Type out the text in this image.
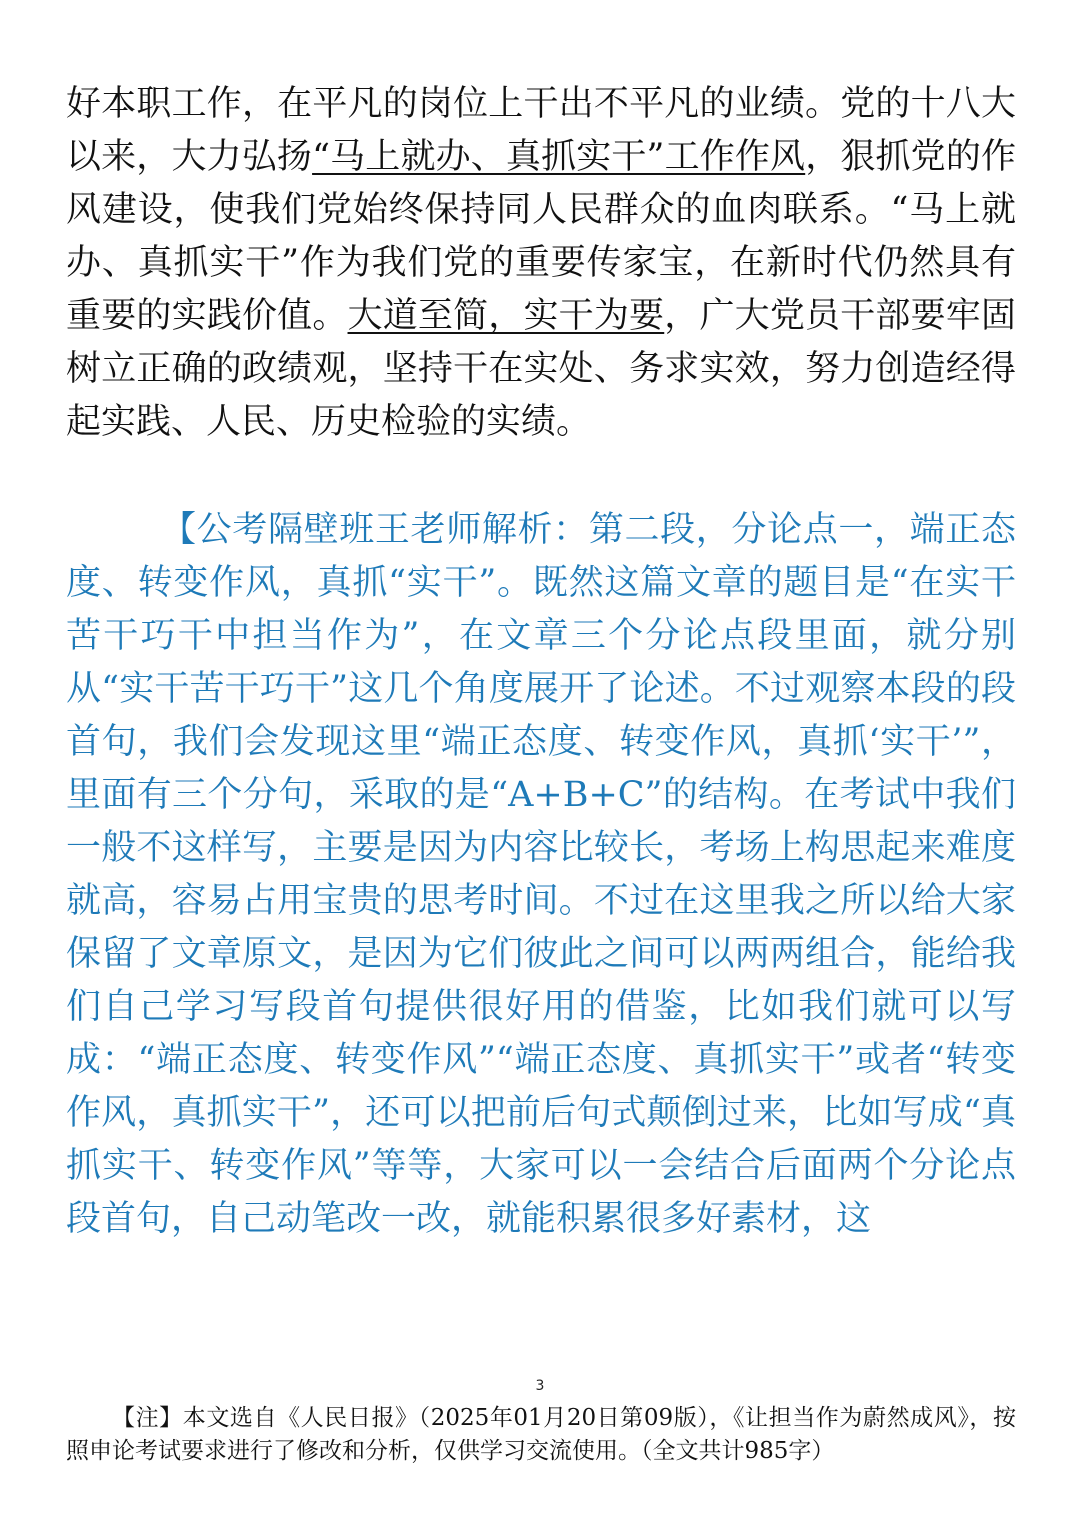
好本职工作，在平凡的岗位上干出不平凡的业绩。党的十八大以来，大力弘扬“马上就办、真抓实干”工作作风，狠抓党的作风建设，使我们党始终保持同人民群众的血肉联系。“马上就办、真抓实干”作为我们党的重要传家宝，在新时代仍然具有重要的实践价值。大道至简，实干为要，广大党员干部要牢固树立正确的政绩观，坚持干在实处、务求实效，努力创造经得起实践、人民、历史检验的实绩。

【公考隔壁班王老师解析：第二段，分论点一，端正态度、转变作风，真抓“实干”。既然这篇文章的题目是“在实干苦干巧干中担当作为”，在文章三个分论点段里面，就分别从“实干苦干巧干”这几个角度展开了论述。不过观察本段的段首句，我们会发现这里“端正态度、转变作风，真抓‘实干’”，里面有三个分句，采取的是“A+B+C”的结构。在考试中我们一般不这样写，主要是因为内容比较长，考场上构思起来难度就高，容易占用宝贵的思考时间。不过在这里我之所以给大家保留了文章原文，是因为它们彼此之间可以两两组合，能给我们自己学习写段首句提供很好用的借鉴，比如我们就可以写成：“端正态度、转变作风”“端正态度、真抓实干”或者“转变作风，真抓实干”，还可以把前后句式颠倒过来，比如写成“真抓实干、转变作风”等等，大家可以一会结合后面两个分论点段首句，自己动笔改一改，就能积累很多好素材，这

3

【注】本文选自《人民日报》（2025年01月20日第09版），《让担当作为蔚然成风》，按照申论考试要求进行了修改和分析，仅供学习交流使用。（全文共计985字）
